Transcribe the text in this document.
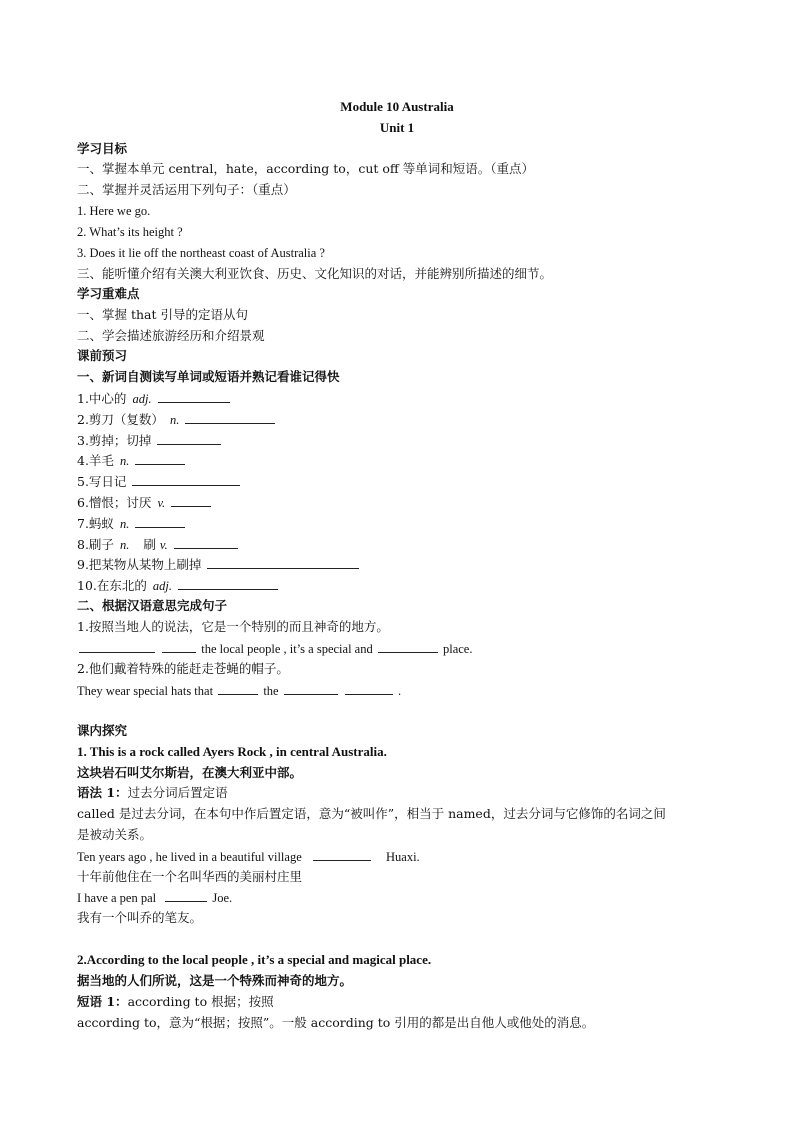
Module 10 Australia
Unit 1
学习目标
一、掌握本单元 central，hate，according to，cut off 等单词和短语。（重点）
二、掌握并灵活运用下列句子：（重点）
1. Here we go.
2. What’s its height ?
3. Does it lie off the northeast coast of Australia ?
三、能听懂介绍有关澳大利亚饮食、历史、文化知识的对话，并能辨别所描述的细节。
学习重难点
一、掌握 that 引导的定语从句
二、学会描述旅游经历和介绍景观
课前预习
一、新词自测读写单词或短语并熟记看谁记得快
1.中心的 adj.
2.剪刀（复数） n.
3.剪掉；切掉
4.羊毛 n.
5.写日记
6.憎恨；讨厌 v.
7.蚂蚁 n.
8.刷子 n. 刷 v.
9.把某物从某物上刷掉
10.在东北的 adj.
二、根据汉语意思完成句子
1.按照当地人的说法，它是一个特别的而且神奇的地方。
the local people , it’s a special and	place.
2.他们戴着特殊的能赶走苍蝇的帽子。
They wear special hats that	the	.
课内探究
1. This is a rock called Ayers Rock , in central Australia.
这块岩石叫艾尔斯岩，在澳大利亚中部。
语法 1：过去分词后置定语
called 是过去分词，在本句中作后置定语，意为“被叫作”，相当于 named，过去分词与它修饰的名词之间
是被动关系。
Ten years ago , he lived in a beautiful village	Huaxi.
十年前他住在一个名叫华西的美丽村庄里
I have a pen pal	Joe.
我有一个叫乔的笔友。
2.According to the local people , it’s a special and magical place.
据当地的人们所说，这是一个特殊而神奇的地方。
短语 1：according to 根据；按照
according to，意为“根据；按照”。一般 according to 引用的都是出自他人或他处的消息。
